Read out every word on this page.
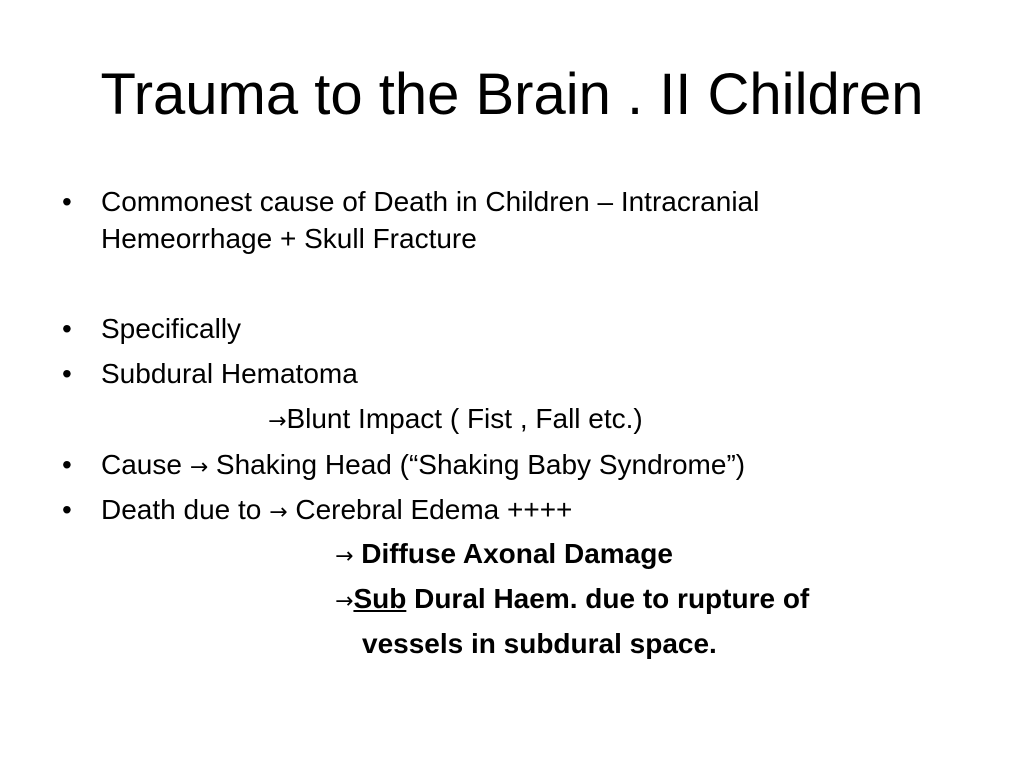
Trauma to the Brain . II Children
• Commonest cause of Death in Children – Intracranial
Hemeorrhage + Skull Fracture
• Specifically
• Subdural Hematoma
→Blunt Impact ( Fist , Fall etc.)
• Cause → Shaking Head (“Shaking Baby Syndrome”)
• Death due to → Cerebral Edema ++++
→ Diffuse Axonal Damage
→Sub Dural Haem. due to rupture of
vessels in subdural space.
